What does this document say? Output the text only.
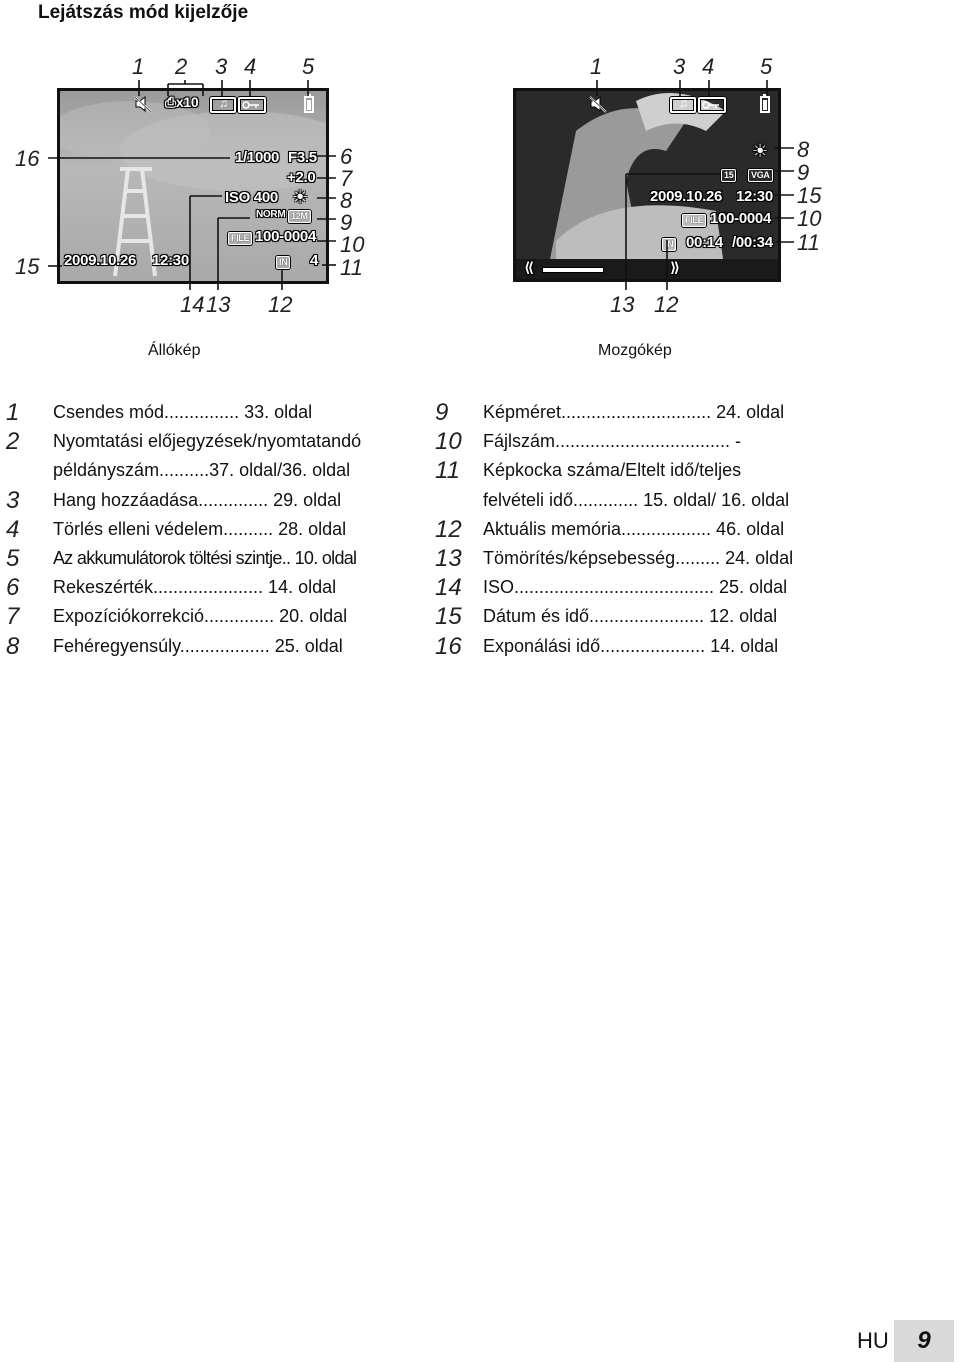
Lejátszás mód kijelzője
1 2 3 4 5
16
15
6
7
8
9
10
11
14 13 12
⎙x10 ♫
1/1000 F3.5
+2.0
ISO 400 ☀
NORM 12M
FILE 100-0004
IN 4
2009.10.26 12:30
Állókép
1	3 4 5
8
9
15
10
11
13 12
♫
☀
15	VGA
2009.10.26 12:30
FILE 100-0004
IN 00:14 /00:34
⟪	⟫
Mozgókép
1 Csendes mód............... 33. oldal
2 Nyomtatási előjegyzések/nyomtatandó
példányszám..........37. oldal/36. oldal
3 Hang hozzáadása.............. 29. oldal
4 Törlés elleni védelem.......... 28. oldal
5 Az akkumulátorok töltési szintje.. 10. oldal
6 Rekeszérték...................... 14. oldal
7 Expozíciókorrekció.............. 20. oldal
8 Fehéregyensúly.................. 25. oldal
9 Képméret.............................. 24. oldal
10 Fájlszám................................... -
11 Képkocka száma/Eltelt idő/teljes
felvételi idő............. 15. oldal/ 16. oldal
12 Aktuális memória.................. 46. oldal
13 Tömörítés/képsebesség......... 24. oldal
14 ISO........................................ 25. oldal
15 Dátum és idő....................... 12. oldal
16 Exponálási idő..................... 14. oldal
HU	9
